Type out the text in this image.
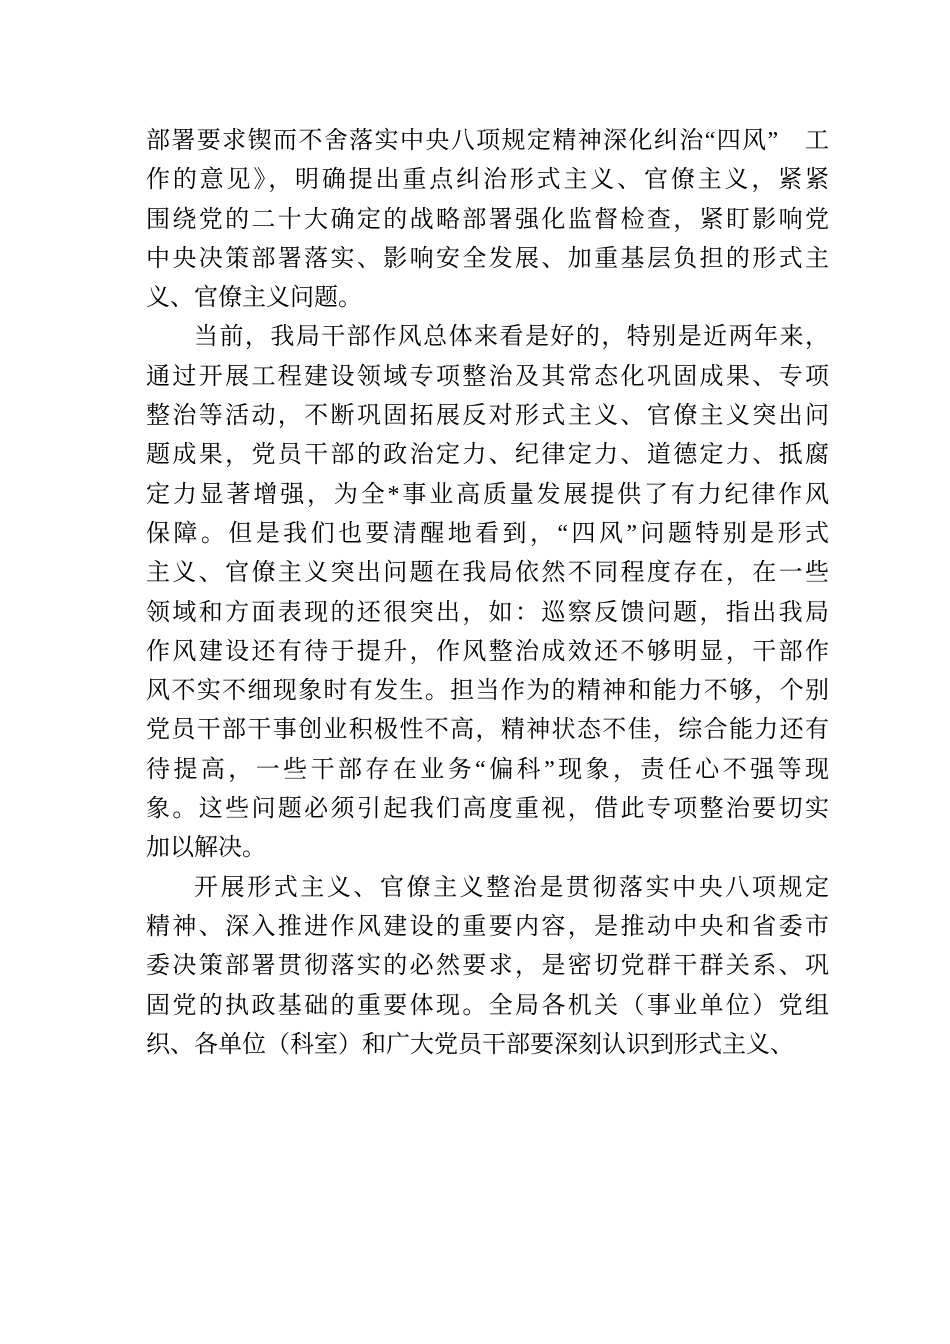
部署要求锲而不舍落实中央八项规定精神深化纠治“四风”　工
作的意见》，明确提出重点纠治形式主义、官僚主义，紧紧
围绕党的二十大确定的战略部署强化监督检查，紧盯影响党
中央决策部署落实、影响安全发展、加重基层负担的形式主
义、官僚主义问题。
当前，我局干部作风总体来看是好的，特别是近两年来，
通过开展工程建设领域专项整治及其常态化巩固成果、专项
整治等活动，不断巩固拓展反对形式主义、官僚主义突出问
题成果，党员干部的政治定力、纪律定力、道德定力、抵腐
定力显著增强，为全*事业高质量发展提供了有力纪律作风
保障。但是我们也要清醒地看到，“四风”问题特别是形式
主义、官僚主义突出问题在我局依然不同程度存在，在一些
领域和方面表现的还很突出，如：巡察反馈问题，指出我局
作风建设还有待于提升，作风整治成效还不够明显，干部作
风不实不细现象时有发生。担当作为的精神和能力不够，个别
党员干部干事创业积极性不高，精神状态不佳，综合能力还有
待提高，一些干部存在业务“偏科”现象，责任心不强等现
象。这些问题必须引起我们高度重视，借此专项整治要切实
加以解决。
开展形式主义、官僚主义整治是贯彻落实中央八项规定
精神、深入推进作风建设的重要内容，是推动中央和省委市
委决策部署贯彻落实的必然要求，是密切党群干群关系、巩
固党的执政基础的重要体现。全局各机关（事业单位）党组
织、各单位（科室）和广大党员干部要深刻认识到形式主义、
